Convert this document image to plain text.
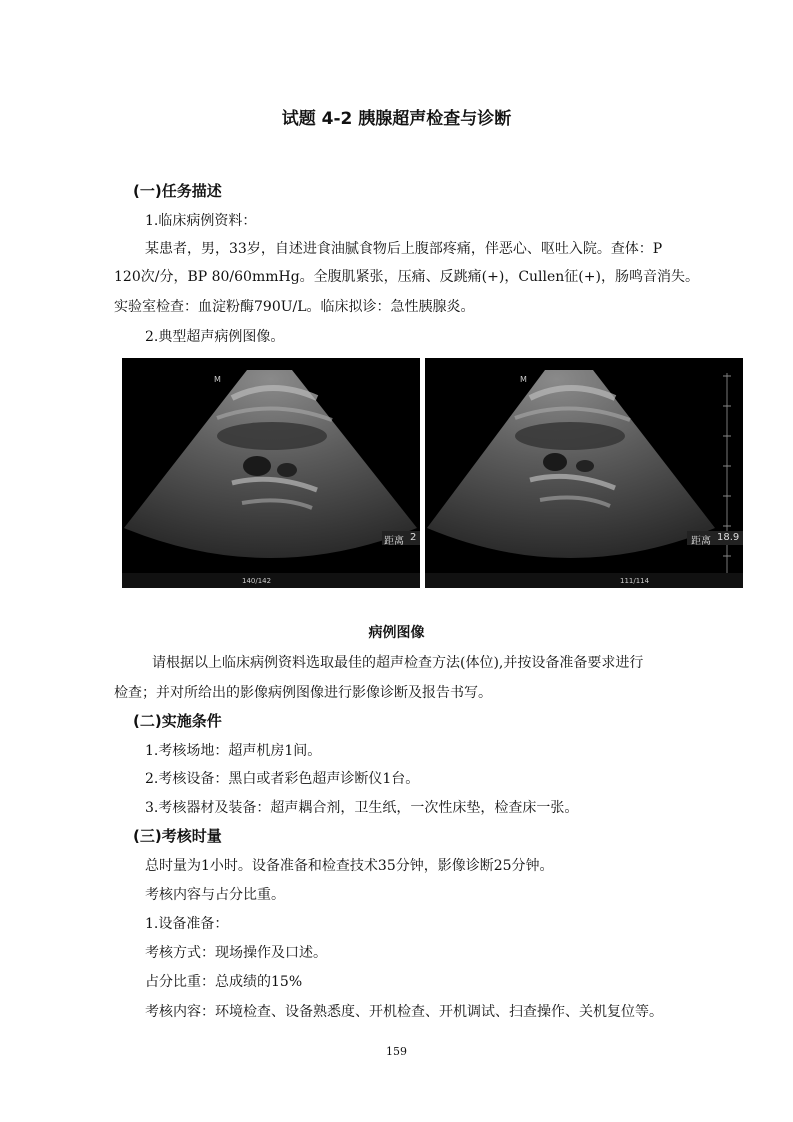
试题 4-2 胰腺超声检查与诊断
(一)任务描述
1.临床病例资料：
某患者，男，33岁，自述进食油腻食物后上腹部疼痛，伴恶心、呕吐入院。查体：P
120次/分，BP 80/60mmHg。全腹肌紧张，压痛、反跳痛(+)，Cullen征(+)，肠鸣音消失。
实验室检查：血淀粉酶790U/L。临床拟诊：急性胰腺炎。
2.典型超声病例图像。
M
140/142
距离 2
M
111/114
距离 18.9
病例图像
请根据以上临床病例资料选取最佳的超声检查方法(体位),并按设备准备要求进行
检查；并对所给出的影像病例图像进行影像诊断及报告书写。
(二)实施条件
1.考核场地：超声机房1间。
2.考核设备：黑白或者彩色超声诊断仪1台。
3.考核器材及装备：超声耦合剂，卫生纸，一次性床垫，检查床一张。
(三)考核时量
总时量为1小时。设备准备和检查技术35分钟，影像诊断25分钟。
考核内容与占分比重。
1.设备准备：
考核方式：现场操作及口述。
占分比重：总成绩的15%
考核内容：环境检查、设备熟悉度、开机检查、开机调试、扫查操作、关机复位等。
159
